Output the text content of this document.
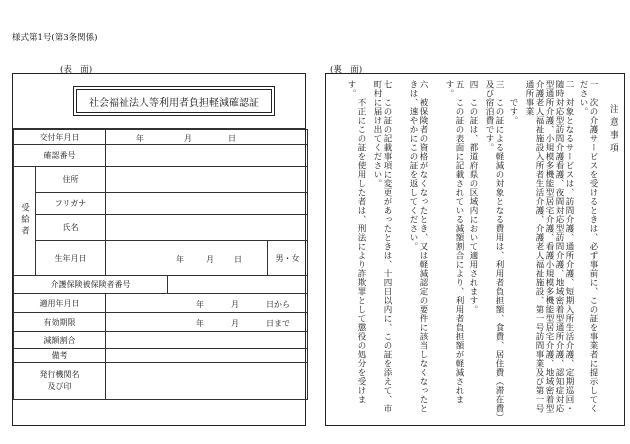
様式第1号(第3条関係)
(表　面)	(裏　面)
社会福祉法人等利用者負担軽減確認証
交付年月日		年 月 日		

確認番号				
受給者	住所			
	フリガナ			
	氏名			
	生年月日	年 月 日		男・女
介護保険被保険者番号				
適用年月日		年 月 日から		

有効期限		年 月 日まで		

減額割合				
備考				
発行機関名
及び印				
注意事項
一　次の介護サービスを受けるときは、必ず事前に、この証を事業者に提示してください。
二　対象となるサービスは、訪問介護、通所介護、短期入所生活介護、定期巡回・随時対応型訪問介護看護、夜間対応型訪問介護、地域密着型通所介護、認知症対応型通所介護、小規模多機能型居宅介護、看護小規模多機能型居宅介護、地域密着型介護老人福祉施設入所者生活介護、介護老人福祉施設、第一号訪問事業及び第一号通所事業
　　です。
三　この証による軽減の対象となる費用は、利用者負担額、食費、居住費（滞在費）及び宿泊費です。
四　この証は、都道府県の区域内において適用されます。
五　この証の表面に記載されている減額割合により、利用者負担額が軽減されます。
六　被保険者の資格がなくなったとき、又は軽減認定の要件に該当しなくなったときは、速やかにこの証を返してください。
七　この証の記載事項に変更があったときは、十四日以内に、この証を添えて、市町村に届け出てください。
　　不正にこの証を使用した者は、刑法により詐欺罪として懲役の処分を受けます。
